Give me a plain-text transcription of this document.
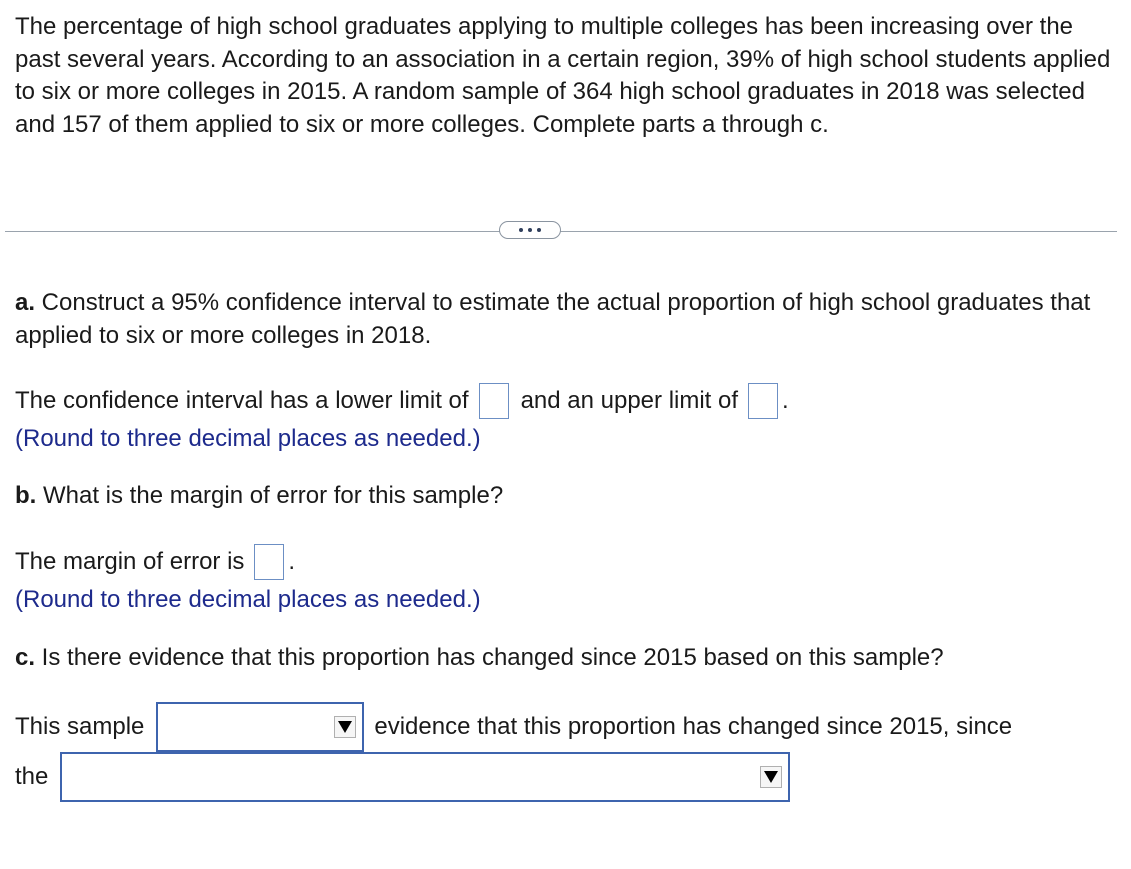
The percentage of high school graduates applying to multiple colleges has been increasing over the past several years. According to an association in a certain region, 39% of high school students applied to six or more colleges in 2015. A random sample of 364 high school graduates in 2018 was selected and 157 of them applied to six or more colleges. Complete parts a through c.

a. Construct a 95% confidence interval to estimate the actual proportion of high school graduates that applied to six or more colleges in 2018.

The confidence interval has a lower limit of and an upper limit of .
(Round to three decimal places as needed.)
b. What is the margin of error for this sample?
The margin of error is .
(Round to three decimal places as needed.)
c. Is there evidence that this proportion has changed since 2015 based on this sample?
This sample	evidence that this proportion has changed since 2015, since
the
